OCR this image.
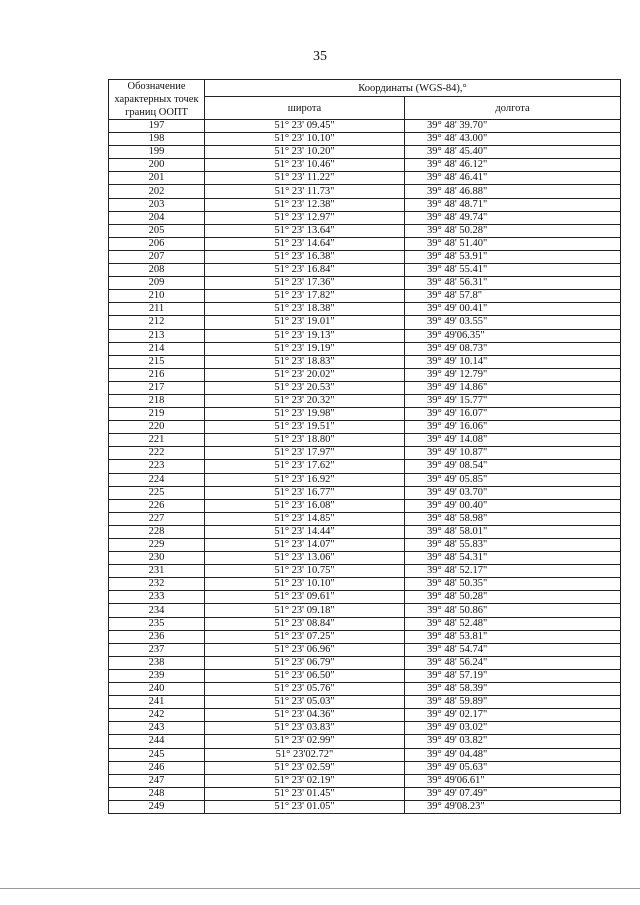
35
Обозначение характерных точек границ ООПТ	Координаты (WGS-84),°	
	широта	долгота
197	51° 23' 09.45"	39° 48' 39.70"
198	51° 23' 10.10"	39° 48' 43.00"
199	51° 23' 10.20"	39° 48' 45.40"
200	51° 23' 10.46"	39° 48' 46.12"
201	51° 23' 11.22"	39° 48' 46.41"
202	51° 23' 11.73"	39° 48' 46.88"
203	51° 23' 12.38"	39° 48' 48.71"
204	51° 23' 12.97"	39° 48' 49.74"
205	51° 23' 13.64"	39° 48' 50.28"
206	51° 23' 14.64"	39° 48' 51.40"
207	51° 23' 16.38"	39° 48' 53.91"
208	51° 23' 16.84"	39° 48' 55.41"
209	51° 23' 17.36"	39° 48' 56.31"
210	51° 23' 17.82"	39° 48' 57.8"
211	51° 23' 18.38"	39° 49' 00.41"
212	51° 23' 19.01"	39° 49' 03.55"
213	51° 23' 19.13"	39° 49'06.35"
214	51° 23' 19.19"	39° 49' 08.73"
215	51° 23' 18.83"	39° 49' 10.14"
216	51° 23' 20.02"	39° 49' 12.79"
217	51° 23' 20.53"	39° 49' 14.86"
218	51° 23' 20.32"	39° 49' 15.77"
219	51° 23' 19.98"	39° 49' 16.07"
220	51° 23' 19.51"	39° 49' 16.06"
221	51° 23' 18.80"	39° 49' 14.08"
222	51° 23' 17.97"	39° 49' 10.87"
223	51° 23' 17.62"	39° 49' 08.54"
224	51° 23' 16.92"	39° 49' 05.85"
225	51° 23' 16.77"	39° 49' 03.70"
226	51° 23' 16.08"	39° 49' 00.40"
227	51° 23' 14.85"	39° 48' 58.98"
228	51° 23' 14.44"	39° 48' 58.01"
229	51° 23' 14.07"	39° 48' 55.83"
230	51° 23' 13.06"	39° 48' 54.31"
231	51° 23' 10.75"	39° 48' 52.17"
232	51° 23' 10.10"	39° 48' 50.35"
233	51° 23' 09.61"	39° 48' 50.28"
234	51° 23' 09.18"	39° 48' 50.86"
235	51° 23' 08.84"	39° 48' 52.48"
236	51° 23' 07.25"	39° 48' 53.81"
237	51° 23' 06.96"	39° 48' 54.74"
238	51° 23' 06.79"	39° 48' 56.24"
239	51° 23' 06.50"	39° 48' 57.19"
240	51° 23' 05.76"	39° 48' 58.39"
241	51° 23' 05.03"	39° 48' 59.89"
242	51° 23' 04.36"	39° 49' 02.17"
243	51° 23' 03.83"	39° 49' 03.02"
244	51° 23' 02.99"	39° 49' 03.82"
245	51° 23'02.72"	39° 49' 04.48"
246	51° 23' 02.59"	39° 49' 05.63"
247	51° 23' 02.19"	39° 49'06.61"
248	51° 23' 01.45"	39° 49' 07.49"
249	51° 23' 01.05"	39° 49'08.23"
